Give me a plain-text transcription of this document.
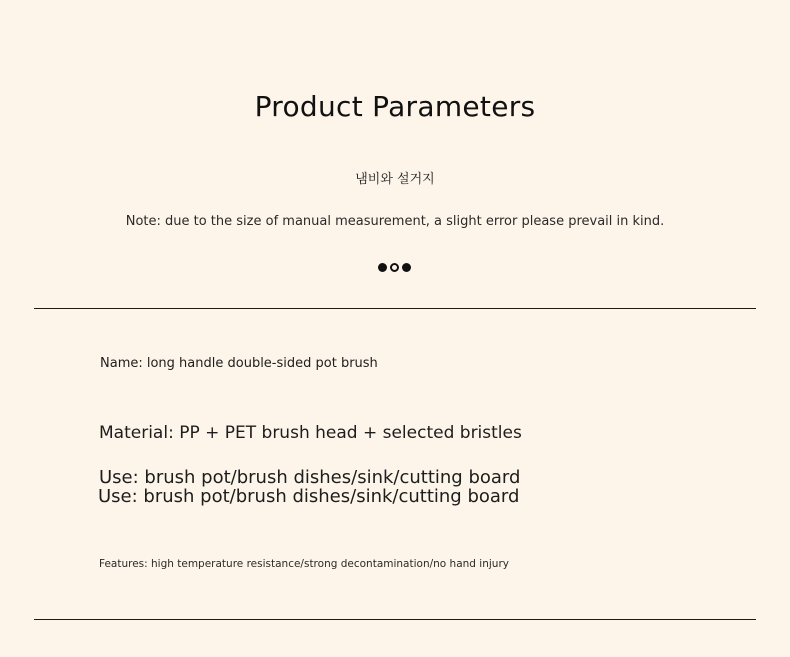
Product Parameters
냄비와 설거지
Note: due to the size of manual measurement, a slight error please prevail in kind.
Name: long handle double-sided pot brush
Material: PP + PET brush head + selected bristles
Use: brush pot/brush dishes/sink/cutting board
Use: brush pot/brush dishes/sink/cutting board
Features: high temperature resistance/strong decontamination/no hand injury
